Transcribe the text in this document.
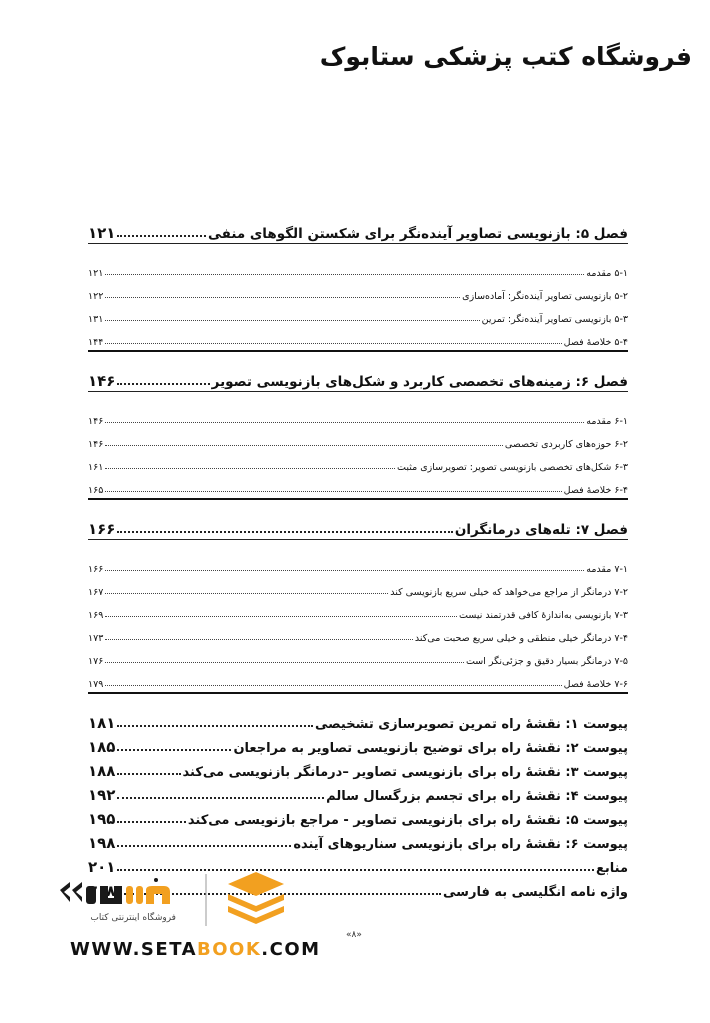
فروشگاه کتب پزشکی ستابوک
فصل ۵: بازنویسی تصاویر آینده‌نگر برای شکستن الگوهای منفی
۱۲۱
۵-۱ مقدمه
۱۲۱
۵-۲ بازنویسی تصاویر آینده‌نگر: آماده‌سازی
۱۲۲
۵-۳ بازنویسی تصاویر آینده‌نگر: تمرین
۱۳۱
۵-۴ خلاصهٔ فصل
۱۴۴
فصل ۶: زمینه‌های تخصصی کاربرد و شکل‌های بازنویسی تصویر
۱۴۶
۶-۱ مقدمه
۱۴۶
۶-۲ حوزه‌های کاربردی تخصصی
۱۴۶
۶-۳ شکل‌های تخصصی بازنویسی تصویر: تصویرسازی مثبت
۱۶۱
۶-۴ خلاصهٔ فصل
۱۶۵
فصل ۷: تله‌های درمانگران
۱۶۶
۷-۱ مقدمه
۱۶۶
۷-۲ درمانگر از مراجع می‌خواهد که خیلی سریع بازنویسی کند
۱۶۷
۷-۳ بازنویسی به‌اندازهٔ کافی قدرتمند نیست
۱۶۹
۷-۴ درمانگر خیلی منطقی و خیلی سریع صحبت می‌کند
۱۷۳
۷-۵ درمانگر بسیار دقیق و جزئی‌نگر است
۱۷۶
۷-۶ خلاصهٔ فصل
۱۷۹
پیوست ۱: نقشهٔ راه تمرین تصویرسازی تشخیصی
۱۸۱
پیوست ۲: نقشهٔ راه برای توضیح بازنویسی تصاویر به مراجعان
۱۸۵
پیوست ۳: نقشهٔ راه برای بازنویسی تصاویر –درمانگر بازنویسی می‌کند
۱۸۸
پیوست ۴: نقشهٔ راه برای تجسم بزرگسال سالم
۱۹۲
پیوست ۵: نقشهٔ راه برای بازنویسی تصاویر - مراجع بازنویسی می‌کند
۱۹۵
پیوست ۶: نقشهٔ راه برای بازنویسی سناریوهای آینده
۱۹۸
منابع
۲۰۱
واژه نامه انگلیسی به فارسی
فروشگاه اینترنتی کتاب
WWW.SETABOOK.COM
«۸»
